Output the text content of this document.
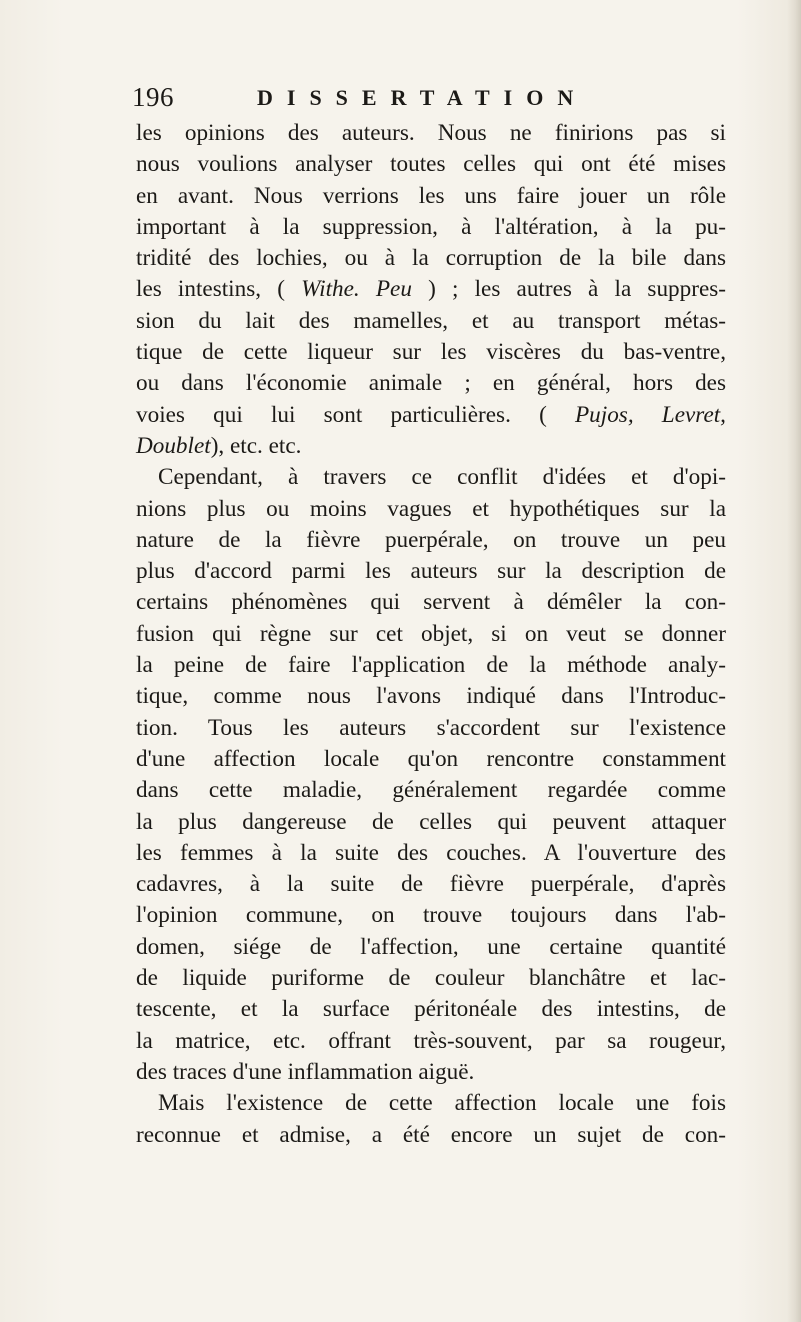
196	DISSERTATION
les opinions des auteurs. Nous ne finirions pas si
nous voulions analyser toutes celles qui ont été mises
en avant. Nous verrions les uns faire jouer un rôle
important à la suppression, à l'altération, à la pu-
tridité des lochies, ou à la corruption de la bile dans
les intestins, ( Withe. Peu ) ; les autres à la suppres-
sion du lait des mamelles, et au transport métas-
tique de cette liqueur sur les viscères du bas-ventre,
ou dans l'économie animale ; en général, hors des
voies qui lui sont particulières. ( Pujos, Levret,
Doublet), etc. etc.
Cependant, à travers ce conflit d'idées et d'opi-
nions plus ou moins vagues et hypothétiques sur la
nature de la fièvre puerpérale, on trouve un peu
plus d'accord parmi les auteurs sur la description de
certains phénomènes qui servent à démêler la con-
fusion qui règne sur cet objet, si on veut se donner
la peine de faire l'application de la méthode analy-
tique, comme nous l'avons indiqué dans l'Introduc-
tion. Tous les auteurs s'accordent sur l'existence
d'une affection locale qu'on rencontre constamment
dans cette maladie, généralement regardée comme
la plus dangereuse de celles qui peuvent attaquer
les femmes à la suite des couches. A l'ouverture des
cadavres, à la suite de fièvre puerpérale, d'après
l'opinion commune, on trouve toujours dans l'ab-
domen, siége de l'affection, une certaine quantité
de liquide puriforme de couleur blanchâtre et lac-
tescente, et la surface péritonéale des intestins, de
la matrice, etc. offrant très-souvent, par sa rougeur,
des traces d'une inflammation aiguë.
Mais l'existence de cette affection locale une fois
reconnue et admise, a été encore un sujet de con-
